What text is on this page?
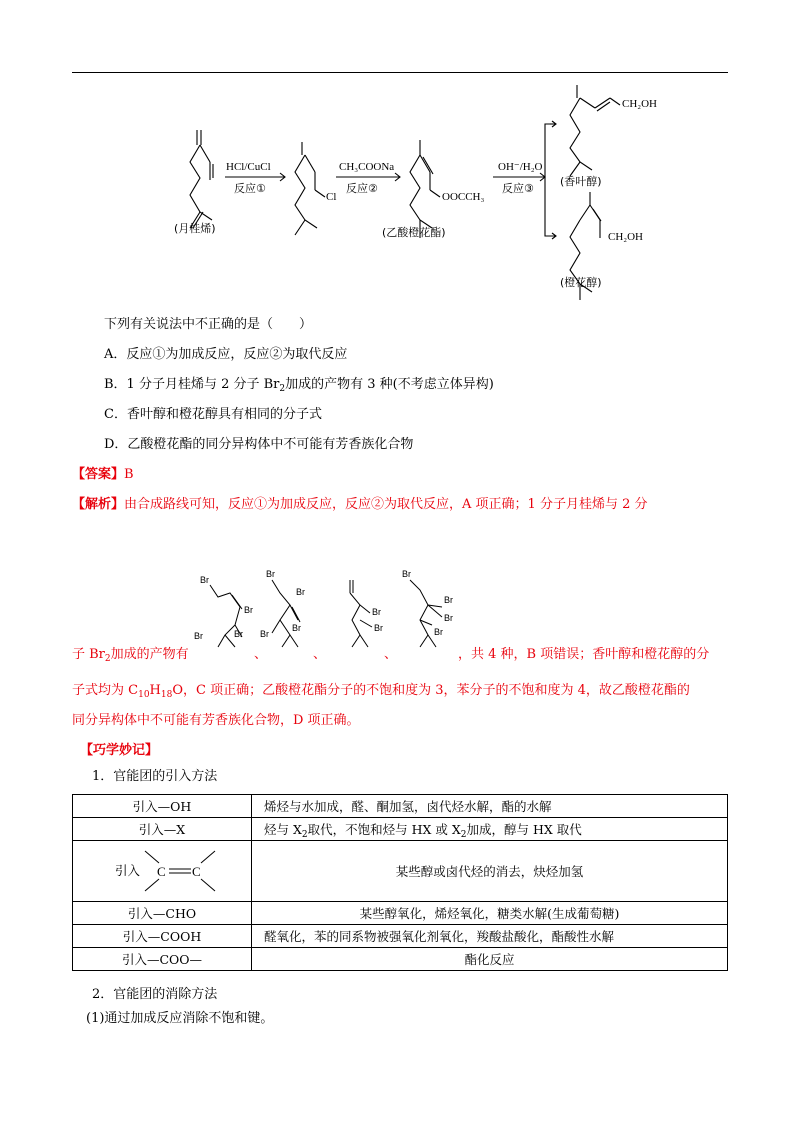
HCl/CuCl
反应①
CH₃COONa
反应②
OH⁻/H₂O
反应③
(月桂烯)
Cl	OOCCH₃
(乙酸橙花酯)
CH₂OH
(香叶醇)
CH₂OH
(橙花醇)
下列有关说法中不正确的是（　　）
A．反应①为加成反应，反应②为取代反应
B．1 分子月桂烯与 2 分子 $Br_2$加成的产物有 3 种(不考虑立体异构)
C．香叶醇和橙花醇具有相同的分子式
D．乙酸橙花酯的同分异构体中不可能有芳香族化合物
【答案】B
【解析】由合成路线可知，反应①为加成反应，反应②为取代反应，A 项正确；1 分子月桂烯与 2 分
Br
Br
Br	Br
Br
Br
Br
Br
Br
Br
Br
Br
Br
Br
子 $Br_2$加成的产物有	、	、	、	，共 4 种，B 项错误；香叶醇和橙花醇的分
子式均为 $C_{10}H_{18}O$，C 项正确；乙酸橙花酯分子的不饱和度为 3，苯分子的不饱和度为 4，故乙酸橙花酯的
同分异构体中不可能有芳香族化合物，D 项正确。
【巧学妙记】
1．官能团的引入方法
引入—OH	烯烃与水加成，醛、酮加氢，卤代烃水解，酯的水解
引入—X	烃与 $X_2$取代，不饱和烃与 HX 或 $X_2$加成，醇与 HX 取代

引入 C C	某些醇或卤代烃的消去，炔烃加氢
引入—CHO	某些醇氧化，烯烃氧化，糖类水解(生成葡萄糖)
引入—COOH	醛氧化，苯的同系物被强氧化剂氧化，羧酸盐酸化，酯酸性水解
引入—COO—	酯化反应
2．官能团的消除方法
(1)通过加成反应消除不饱和键。
